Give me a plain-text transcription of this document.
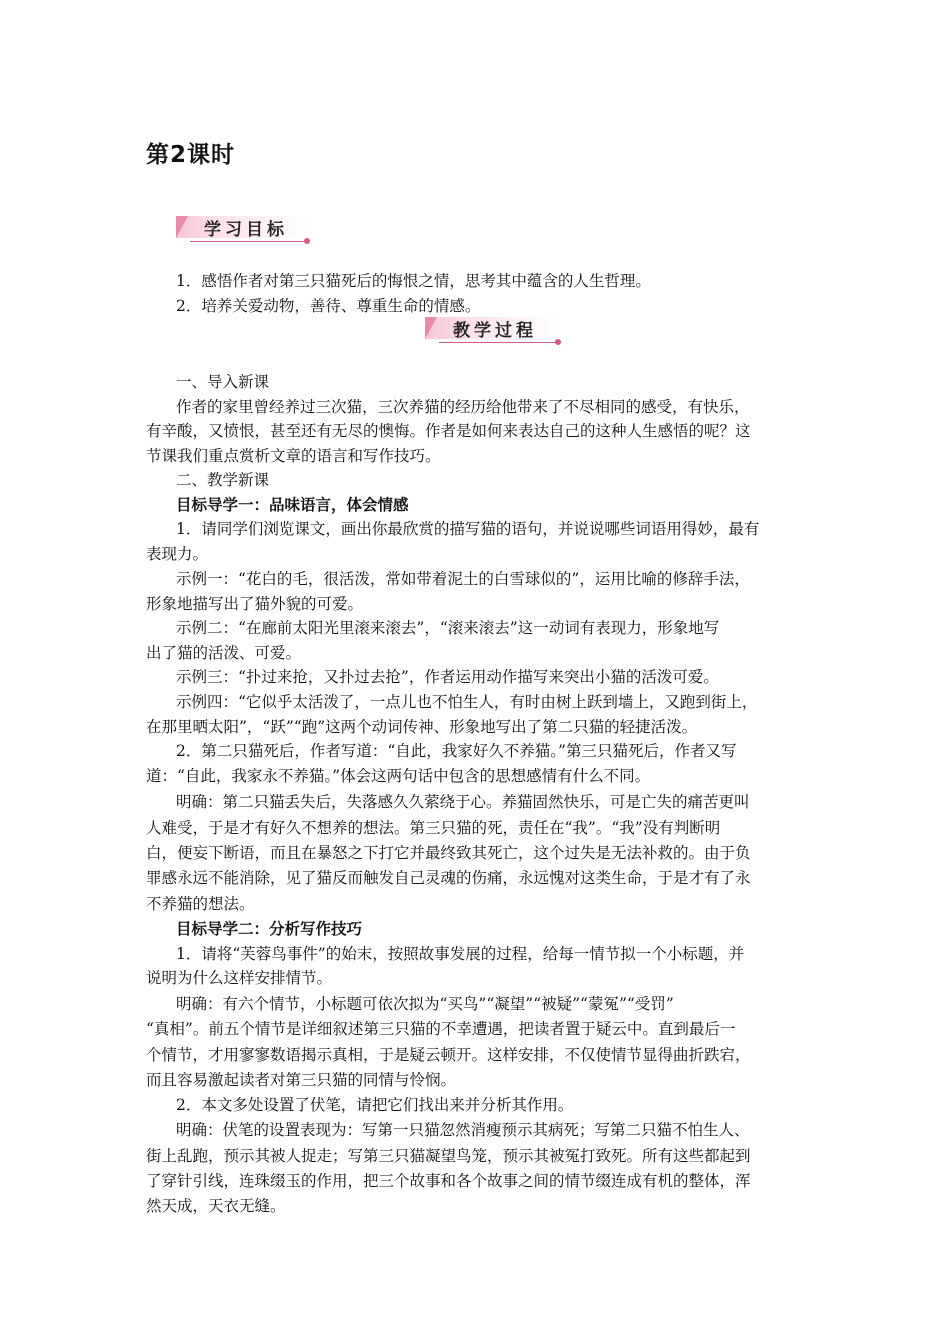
第2课时
学习目标
1．感悟作者对第三只猫死后的悔恨之情，思考其中蕴含的人生哲理。
2．培养关爱动物，善待、尊重生命的情感。
教学过程
一、导入新课
作者的家里曾经养过三次猫，三次养猫的经历给他带来了不尽相同的感受，有快乐，
有辛酸，又愤恨，甚至还有无尽的懊悔。作者是如何来表达自己的这种人生感悟的呢？这
节课我们重点赏析文章的语言和写作技巧。
二、教学新课
目标导学一：品味语言，体会情感
1．请同学们浏览课文，画出你最欣赏的描写猫的语句，并说说哪些词语用得妙，最有
表现力。
示例一：“花白的毛，很活泼，常如带着泥土的白雪球似的”，运用比喻的修辞手法，
形象地描写出了猫外貌的可爱。
示例二：“在廊前太阳光里滚来滚去”，“滚来滚去”这一动词有表现力，形象地写
出了猫的活泼、可爱。
示例三：“扑过来抢，又扑过去抢”，作者运用动作描写来突出小猫的活泼可爱。
示例四：“它似乎太活泼了，一点儿也不怕生人，有时由树上跃到墙上，又跑到街上，
在那里晒太阳”，“跃”“跑”这两个动词传神、形象地写出了第二只猫的轻捷活泼。
2．第二只猫死后，作者写道：“自此，我家好久不养猫。”第三只猫死后，作者又写
道：“自此，我家永不养猫。”体会这两句话中包含的思想感情有什么不同。
明确：第二只猫丢失后，失落感久久萦绕于心。养猫固然快乐，可是亡失的痛苦更叫
人难受，于是才有好久不想养的想法。第三只猫的死，责任在“我”。“我”没有判断明
白，便妄下断语，而且在暴怒之下打它并最终致其死亡，这个过失是无法补救的。由于负
罪感永远不能消除，见了猫反而触发自己灵魂的伤痛，永远愧对这类生命，于是才有了永
不养猫的想法。
目标导学二：分析写作技巧
1．请将“芙蓉鸟事件”的始末，按照故事发展的过程，给每一情节拟一个小标题，并
说明为什么这样安排情节。
明确：有六个情节，小标题可依次拟为“买鸟”“凝望”“被疑”“蒙冤”“受罚”
“真相”。前五个情节是详细叙述第三只猫的不幸遭遇，把读者置于疑云中。直到最后一
个情节，才用寥寥数语揭示真相，于是疑云顿开。这样安排，不仅使情节显得曲折跌宕，
而且容易激起读者对第三只猫的同情与怜悯。
2．本文多处设置了伏笔，请把它们找出来并分析其作用。
明确：伏笔的设置表现为：写第一只猫忽然消瘦预示其病死；写第二只猫不怕生人、
街上乱跑，预示其被人捉走；写第三只猫凝望鸟笼，预示其被冤打致死。所有这些都起到
了穿针引线，连珠缀玉的作用，把三个故事和各个故事之间的情节缀连成有机的整体，浑
然天成，天衣无缝。
